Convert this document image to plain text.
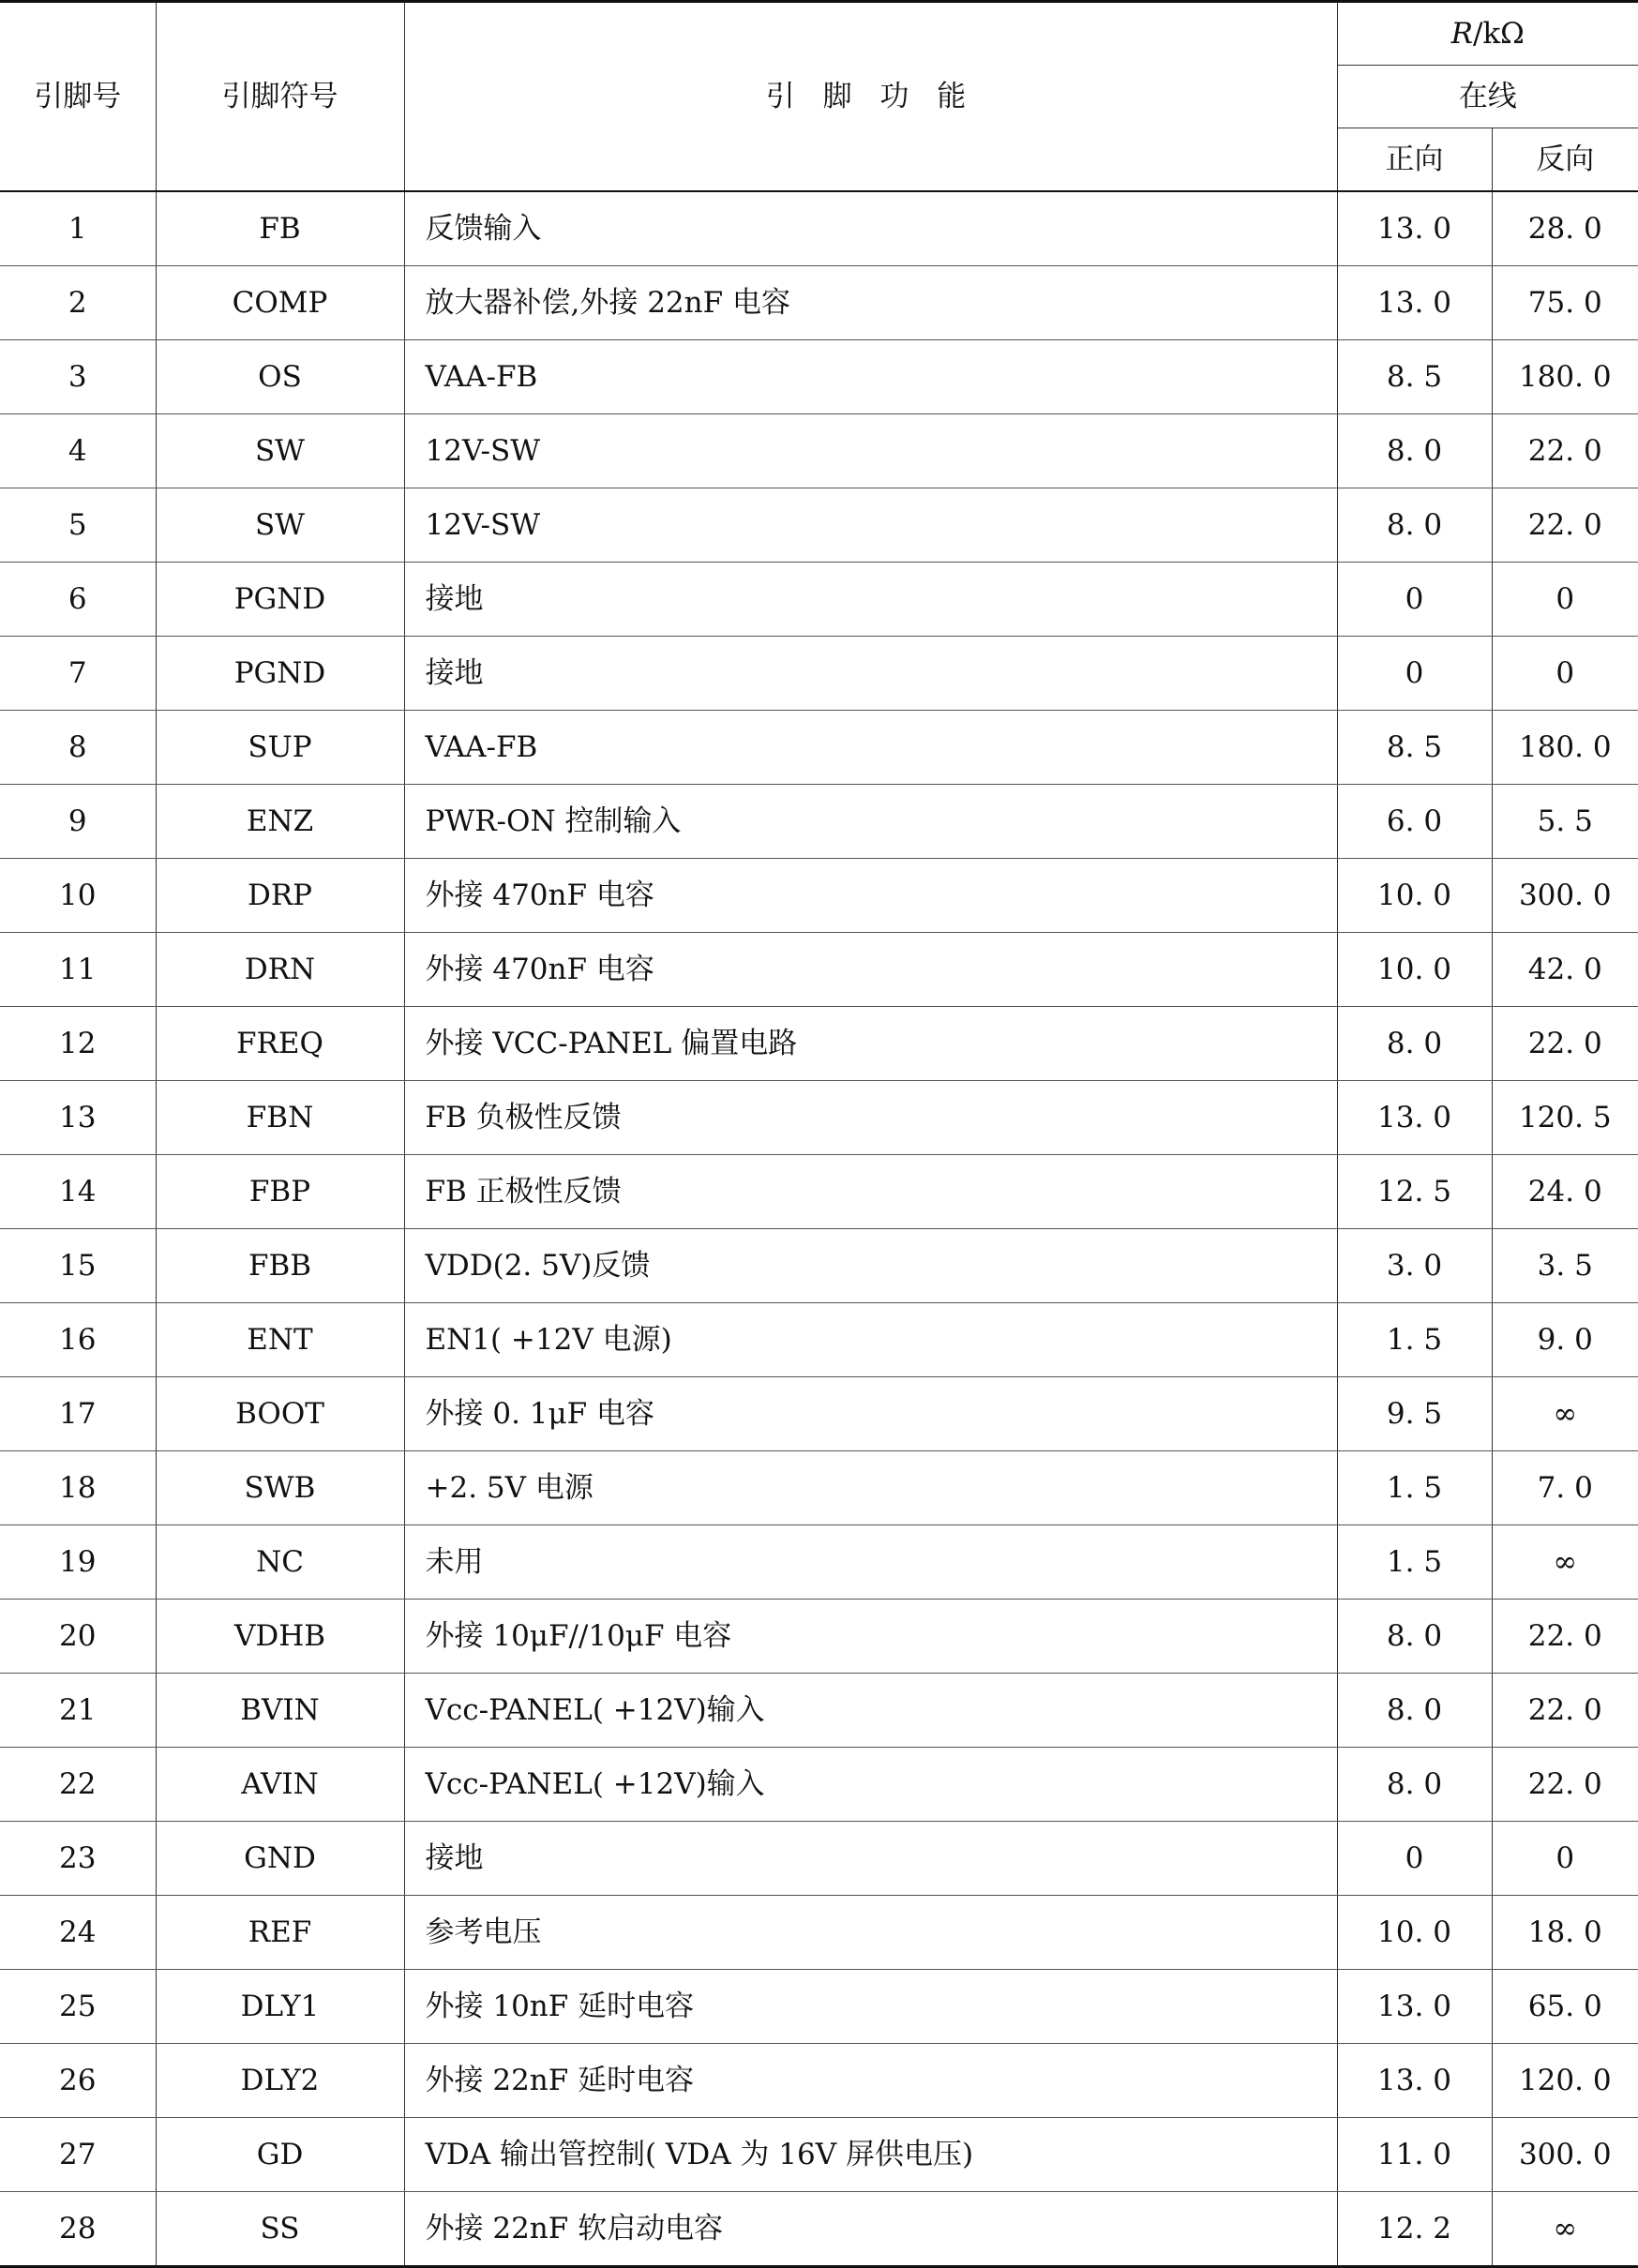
引脚号	引脚符号	引 脚 功 能	R/kΩ	
			在线	
			正向	反向
1	FB	反馈输入	13. 0	28. 0
2	COMP	放大器补偿,外接 22nF 电容	13. 0	75. 0
3	OS	VAA-FB	8. 5	180. 0
4	SW	12V-SW	8. 0	22. 0
5	SW	12V-SW	8. 0	22. 0
6	PGND	接地	0	0
7	PGND	接地	0	0
8	SUP	VAA-FB	8. 5	180. 0
9	ENZ	PWR-ON 控制输入	6. 0	5. 5
10	DRP	外接 470nF 电容	10. 0	300. 0
11	DRN	外接 470nF 电容	10. 0	42. 0
12	FREQ	外接 VCC-PANEL 偏置电路	8. 0	22. 0
13	FBN	FB 负极性反馈	13. 0	120. 5
14	FBP	FB 正极性反馈	12. 5	24. 0
15	FBB	VDD(2. 5V)反馈	3. 0	3. 5
16	ENT	EN1( +12V 电源)	1. 5	9. 0
17	BOOT	外接 0. 1μF 电容	9. 5	∞
18	SWB	+2. 5V 电源	1. 5	7. 0
19	NC	未用	1. 5	∞
20	VDHB	外接 10μF//10μF 电容	8. 0	22. 0
21	BVIN	Vcc-PANEL( +12V)输入	8. 0	22. 0
22	AVIN	Vcc-PANEL( +12V)输入	8. 0	22. 0
23	GND	接地	0	0
24	REF	参考电压	10. 0	18. 0
25	DLY1	外接 10nF 延时电容	13. 0	65. 0
26	DLY2	外接 22nF 延时电容	13. 0	120. 0
27	GD	VDA 输出管控制( VDA 为 16V 屏供电压)	11. 0	300. 0
28	SS	外接 22nF 软启动电容	12. 2	∞
